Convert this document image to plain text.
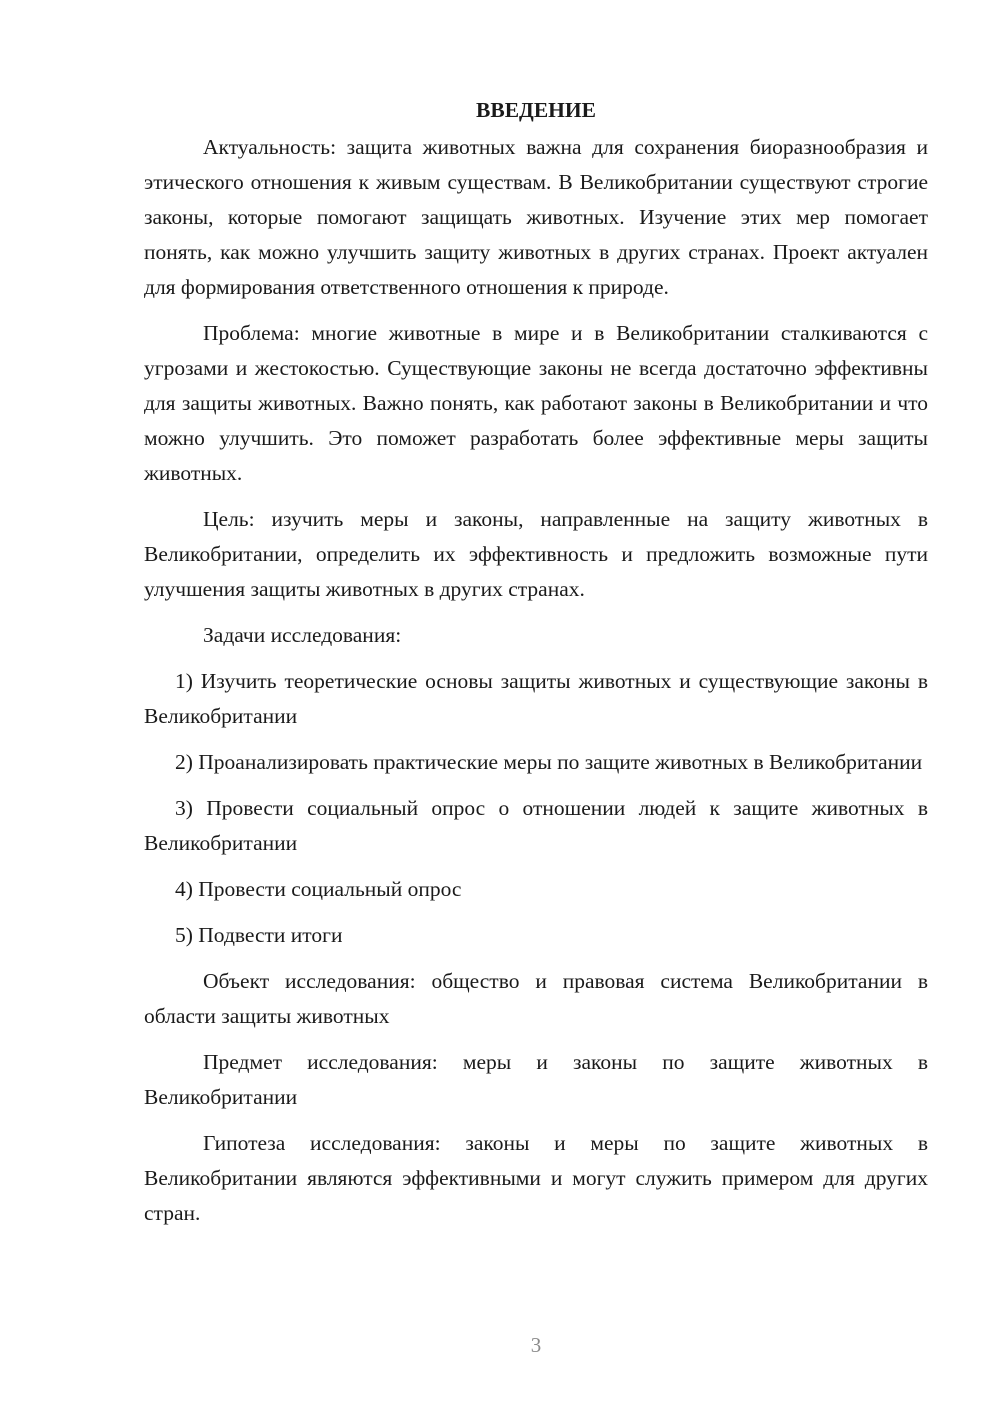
ВВЕДЕНИЕ

Актуальность: защита животных важна для сохранения биоразнообразия и этического отношения к живым существам. В Великобритании существуют строгие законы, которые помогают защищать животных. Изучение этих мер помогает понять, как можно улучшить защиту животных в других странах. Проект актуален для формирования ответственного отношения к природе.

Проблема: многие животные в мире и в Великобритании сталкиваются с угрозами и жестокостью. Существующие законы не всегда достаточно эффективны для защиты животных. Важно понять, как работают законы в Великобритании и что можно улучшить. Это поможет разработать более эффективные меры защиты животных.

Цель: изучить меры и законы, направленные на защиту животных в Великобритании, определить их эффективность и предложить возможные пути улучшения защиты животных в других странах.

Задачи исследования:

1) Изучить теоретические основы защиты животных и существующие законы в Великобритании

2) Проанализировать практические меры по защите животных в Великобритании

3) Провести социальный опрос о отношении людей к защите животных в Великобритании

4) Провести социальный опрос

5) Подвести итоги

Объект исследования: общество и правовая система Великобритании в области защиты животных

Предмет исследования: меры и законы по защите животных в Великобритании

Гипотеза исследования: законы и меры по защите животных в Великобритании являются эффективными и могут служить примером для других стран.

3
